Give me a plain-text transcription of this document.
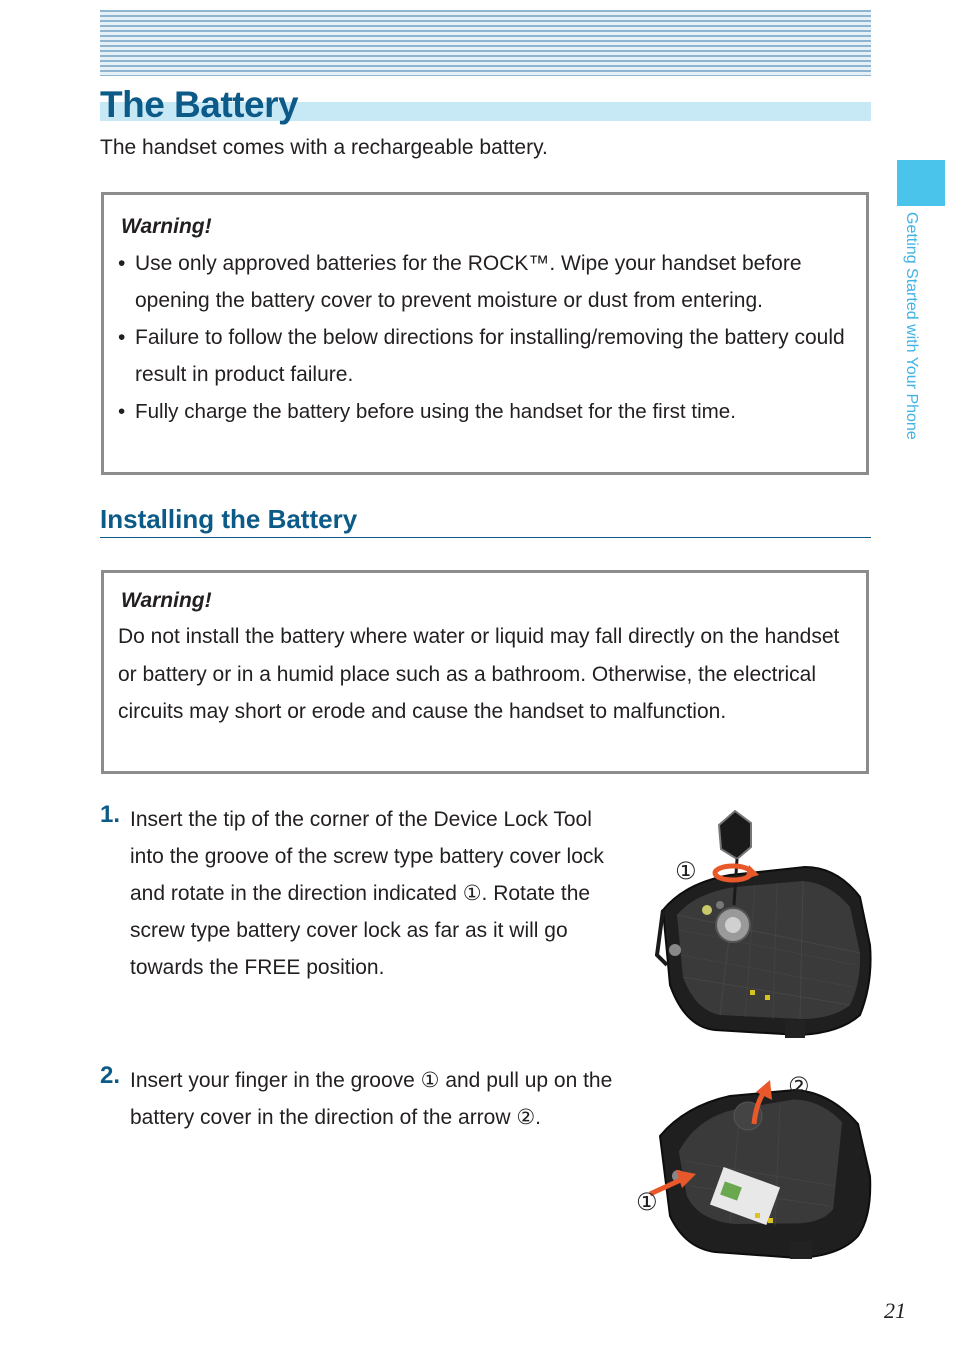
The Battery
The handset comes with a rechargeable battery.
Getting Started with Your Phone

Warning!

• Use only approved batteries for the ROCK™. Wipe your handset before opening the battery cover to prevent moisture or dust from entering.
• Failure to follow the below directions for installing/removing the battery could result in product failure.
• Fully charge the battery before using the handset for the first time.
Installing the Battery

Warning!

Do not install the battery where water or liquid may fall directly on the handset or battery or in a humid place such as a bathroom. Otherwise, the electrical circuits may short or erode and cause the handset to malfunction.

1. Insert the tip of the corner of the Device Lock Tool into the groove of the screw type battery cover lock and rotate in the direction indicated ①. Rotate the screw type battery cover lock as far as it will go towards the FREE position.
2. Insert your finger in the groove ① and pull up on the battery cover in the direction of the arrow ②.
①
②
①
21
